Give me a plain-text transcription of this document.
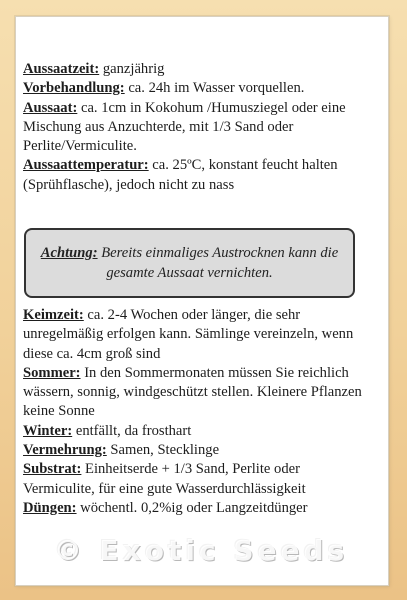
Aussaatzeit: ganzjährig

Vorbehandlung: ca. 24h im Wasser vorquellen.

Aussaat: ca. 1cm in Kokohum /Humusziegel oder eine Mischung aus Anzuchterde, mit 1/3 Sand oder Perlite/Vermiculite.

Aussaattemperatur: ca. 25ºC, konstant feucht halten (Sprühflasche), jedoch nicht zu nass

Achtung: Bereits einmaliges Austrocknen kann die gesamte Aussaat vernichten.

Keimzeit: ca. 2-4 Wochen oder länger, die sehr unregelmäßig erfolgen kann. Sämlinge vereinzeln, wenn diese ca. 4cm groß sind

Sommer: In den Sommermonaten müssen Sie reichlich wässern, sonnig, windgeschützt stellen. Kleinere Pflanzen keine Sonne

Winter: entfällt, da frosthart

Vermehrung: Samen, Stecklinge

Substrat: Einheitserde + 1/3 Sand, Perlite oder Vermiculite, für eine gute Wasserdurchlässigkeit

Düngen: wöchentl. 0,2%ig oder Langzeitdünger

© Exotic Seeds
